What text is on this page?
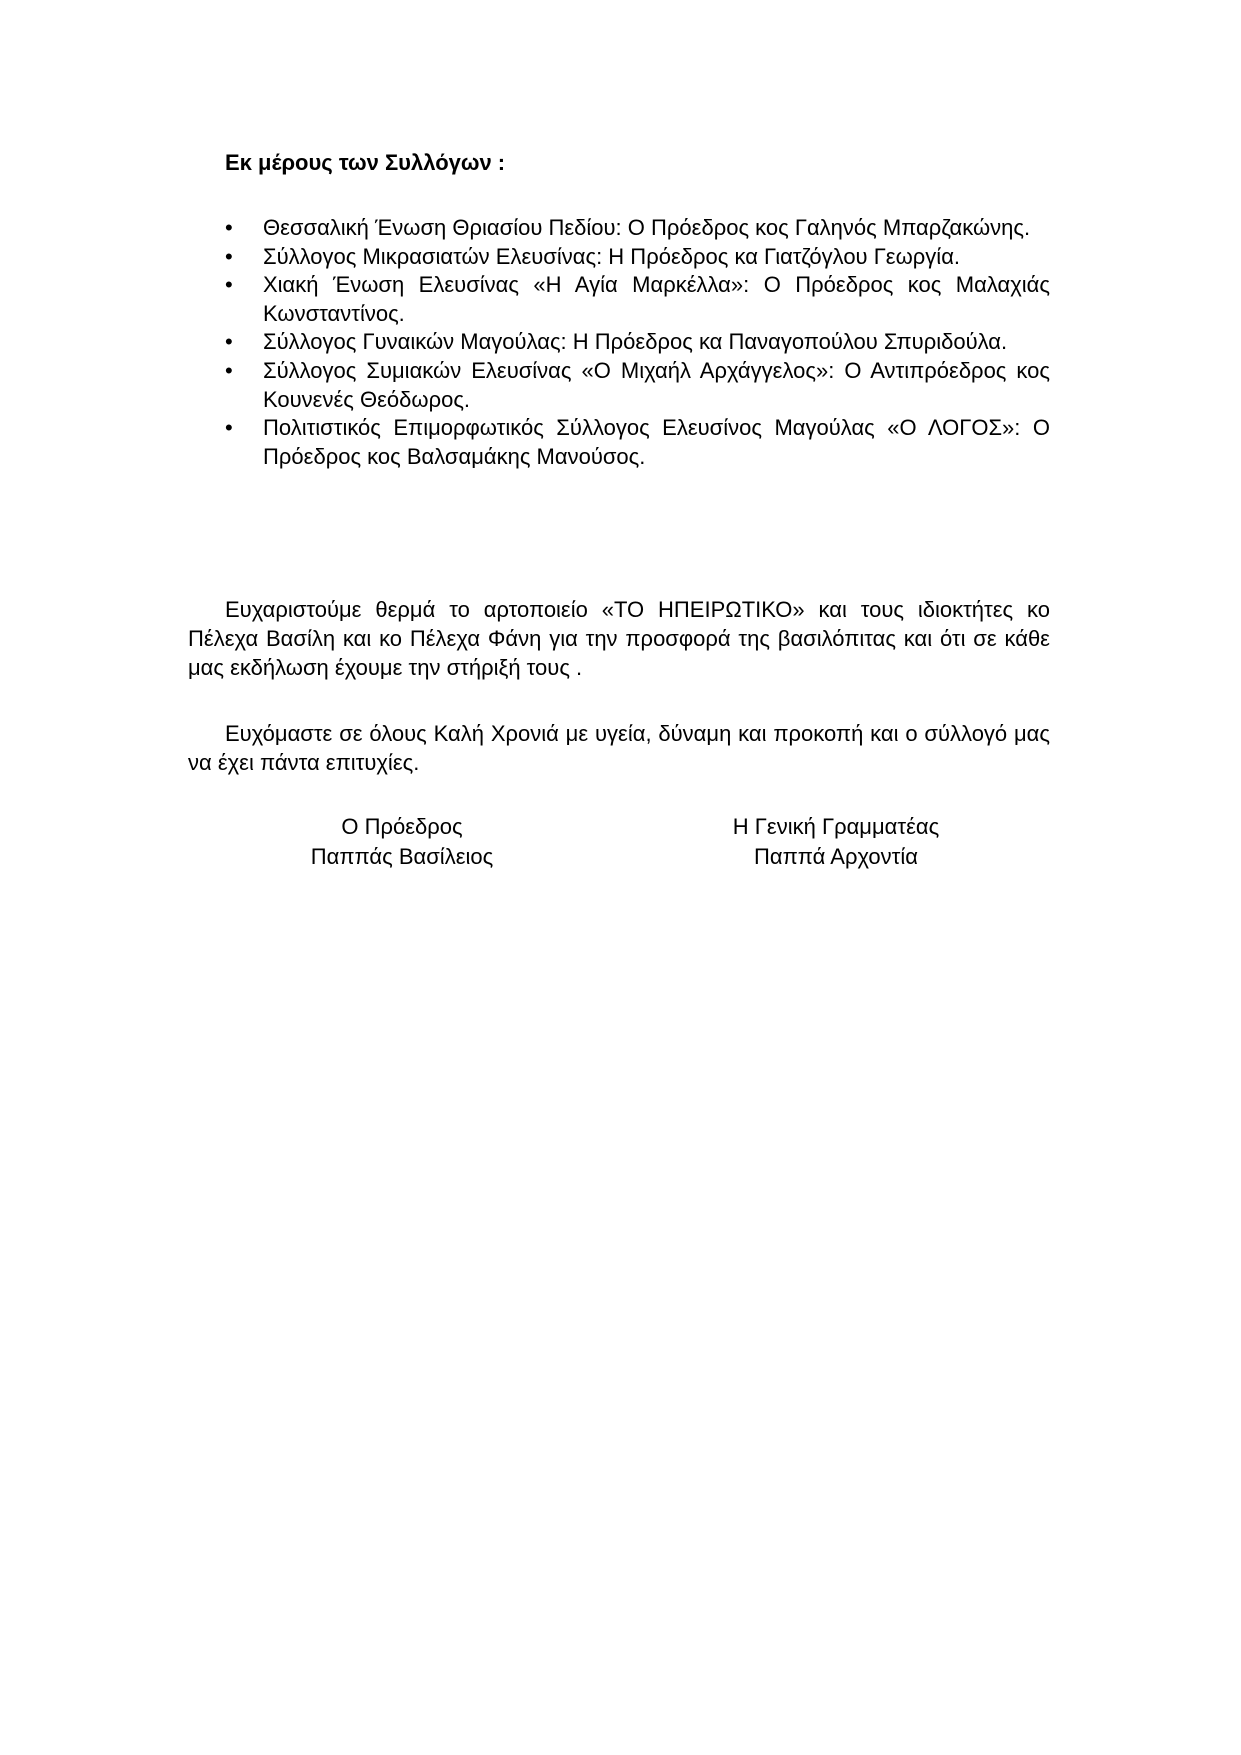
Εκ μέρους των Συλλόγων :
• Θεσσαλική Ένωση Θριασίου Πεδίου: Ο Πρόεδρος κος Γαληνός Μπαρζακώνης.
• Σύλλογος Μικρασιατών Ελευσίνας: Η Πρόεδρος κα Γιατζόγλου Γεωργία.
• Χιακή Ένωση Ελευσίνας «Η Αγία Μαρκέλλα»: Ο Πρόεδρος κος Μαλαχιάς Κωνσταντίνος.
• Σύλλογος Γυναικών Μαγούλας: Η Πρόεδρος κα Παναγοπούλου Σπυριδούλα.
• Σύλλογος Συμιακών Ελευσίνας «Ο Μιχαήλ Αρχάγγελος»: Ο Αντιπρόεδρος κος Κουνενές Θεόδωρος.
• Πολιτιστικός Επιμορφωτικός Σύλλογος Ελευσίνος Μαγούλας «Ο ΛΟΓΟΣ»: Ο Πρόεδρος κος Βαλσαμάκης Μανούσος.

Ευχαριστούμε θερμά το αρτοποιείο «ΤΟ ΗΠΕΙΡΩΤΙΚΟ» και τους ιδιοκτήτες κο Πέλεχα Βασίλη και κο Πέλεχα Φάνη για την προσφορά της βασιλόπιτας και ότι σε κάθε μας εκδήλωση έχουμε την στήριξή τους .

Ευχόμαστε σε όλους Καλή Χρονιά με υγεία, δύναμη και προκοπή και ο σύλλογό μας να έχει πάντα επιτυχίες.

Ο Πρόεδρος
Παππάς Βασίλειος
Η Γενική Γραμματέας
Παππά Αρχοντία
